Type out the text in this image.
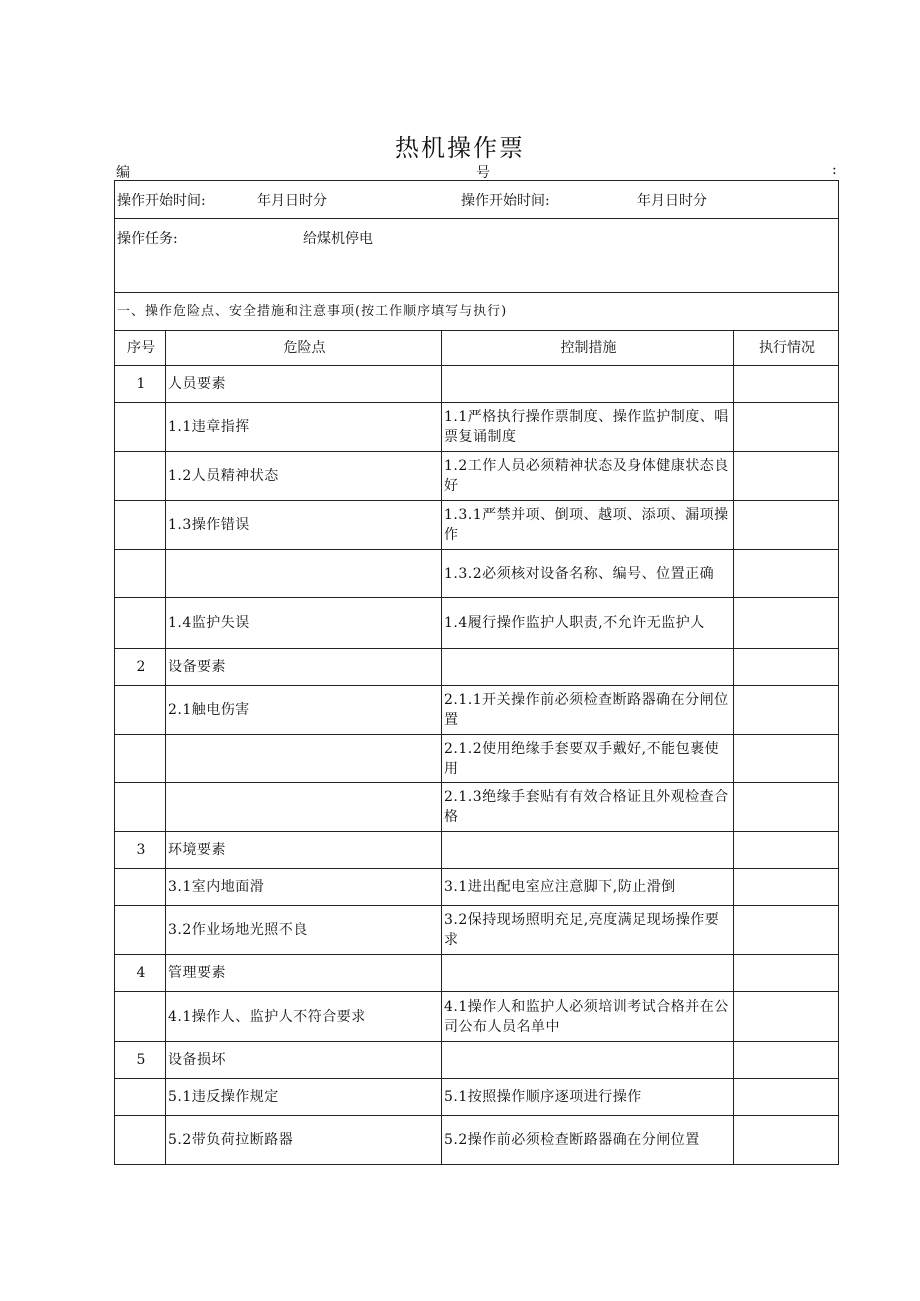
热机操作票
编	号	:
操作开始时间: 年月日时分 操作开始时间: 年月日时分			

操作任务: 给煤机停电			

一、操作危险点、安全措施和注意事项(按工作顺序填写与执行)			
序号	危险点	控制措施	执行情况
1	人员要素		
	1.1违章指挥	1.1严格执行操作票制度、操作监护制度、唱票复诵制度	
	1.2人员精神状态	1.2工作人员必须精神状态及身体健康状态良好	
	1.3操作错误	1.3.1严禁并项、倒项、越项、添项、漏项操作	
		1.3.2必须核对设备名称、编号、位置正确	
	1.4监护失误	1.4履行操作监护人职责,不允许无监护人	
2	设备要素		
	2.1触电伤害	2.1.1开关操作前必须检查断路器确在分闸位置	
		2.1.2使用绝缘手套要双手戴好,不能包裹使用	
		2.1.3绝缘手套贴有有效合格证且外观检查合格	
3	环境要素		
	3.1室内地面滑	3.1进出配电室应注意脚下,防止滑倒	
	3.2作业场地光照不良	3.2保持现场照明充足,亮度满足现场操作要求	
4	管理要素		
	4.1操作人、监护人不符合要求	4.1操作人和监护人必须培训考试合格并在公司公布人员名单中	
5	设备损坏		
	5.1违反操作规定	5.1按照操作顺序逐项进行操作	
	5.2带负荷拉断路器	5.2操作前必须检查断路器确在分闸位置	
